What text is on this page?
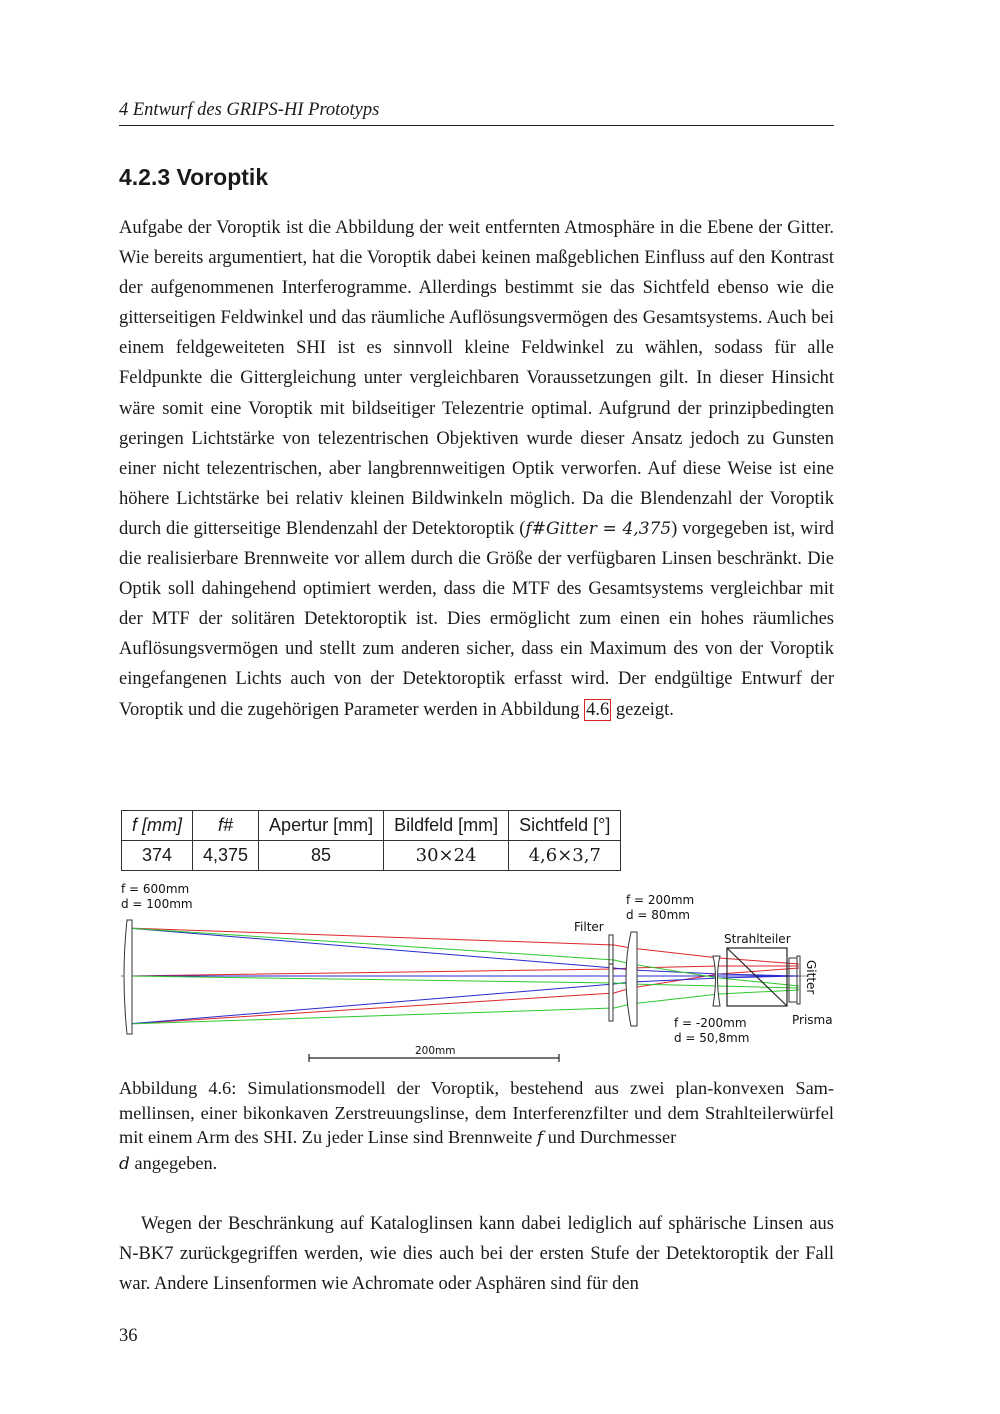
4 Entwurf des GRIPS-HI Prototyps
4.2.3 Voroptik

Aufgabe der Voroptik ist die Abbildung der weit entfernten Atmosphäre in die Ebene der Gitter. Wie bereits argumentiert, hat die Voroptik dabei keinen maßgeblichen Einfluss auf den Kontrast der aufgenommenen Interferogramme. Allerdings bestimmt sie das Sichtfeld ebenso wie die gitterseitigen Feldwinkel und das räumliche Auflösungsvermögen des Gesamtsystems. Auch bei einem feldgeweiteten SHI ist es sinnvoll kleine Feldwinkel zu wählen, sodass für alle Feldpunkte die Gittergleichung unter vergleichbaren Voraussetzungen gilt. In dieser Hinsicht wäre somit eine Voroptik mit bildseitiger Telezentrie optimal. Aufgrund der prinzipbedingten geringen Lichtstärke von telezentrischen Objektiven wurde dieser Ansatz jedoch zu Gunsten einer nicht telezentrischen, aber langbrennweitigen Optik verworfen. Auf diese Weise ist eine höhere Lichtstärke bei relativ kleinen Bildwinkeln möglich. Da die Blendenzahl der Voroptik durch die gitterseitige Blendenzahl der Detektoroptik (f#Gitter = 4,375) vorgegeben ist, wird die realisierbare Brennweite vor allem durch die Größe der verfügbaren Linsen beschränkt. Die Optik soll dahingehend optimiert werden, dass die MTF des Gesamtsystems vergleichbar mit der MTF der solitären Detektoroptik ist. Dies ermöglicht zum einen ein hohes räumliches Auflösungsvermögen und stellt zum anderen sicher, dass ein Maximum des von der Voroptik eingefangenen Lichts auch von der Detektoroptik erfasst wird. Der endgültige Entwurf der Voroptik und die zugehörigen Parameter werden in Abbildung 4.6 gezeigt.

f [mm]	f#	Apertur [mm]	Bildfeld [mm]	Sichtfeld [°]
374	4,375	85	30×24	4,6×3,7
f = 600mm
d = 100mm	f = 200mm
d = 80mm
Filter
Strahlteiler
Gitter
Prisma
f = -200mm
d = 50,8mm
200mm
Abbildung 4.6: Simulationsmodell der Voroptik, bestehend aus zwei plan-konvexen Sammellinsen, einer bikonkaven Zerstreuungslinse, dem Interferenzfilter und dem Strahlteilerwürfel mit einem Arm des SHI. Zu jeder Linse sind Brennweite f und Durchmesser
d angegeben.
Wegen der Beschränkung auf Kataloglinsen kann dabei lediglich auf sphärische Linsen aus N-BK7 zurückgegriffen werden, wie dies auch bei der ersten Stufe der Detektoroptik der Fall war. Andere Linsenformen wie Achromate oder Asphären sind für den
36
